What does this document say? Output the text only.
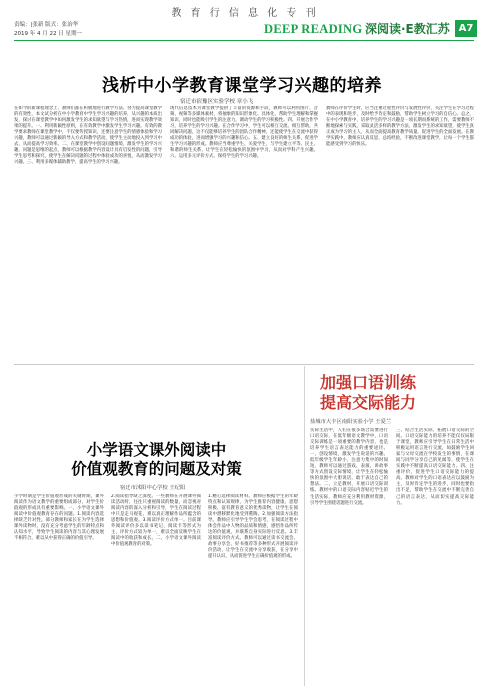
教 育 行 信 息 化 专 刊
责编：|张新 版式：张治华
2019 年 4 月 22 日 星期一	DEEP READING 深阅读·E教汇苏 A7
浅析中小学教育课堂学习兴趣的培养
宿迁市宿豫区实验学校 章小飞

在如今的新课程理念上，教师们都在积极地进行教学方法、努力提高课堂教学的有效性，本文试分析在中小学教育中学生学习兴趣的培养，从兴趣的本质出发，探讨在课堂教学中如何激发学生的求知欲望与学习热情，进而实现教学效果的提升。一、利用新颖性原则，在有效教学中激发学生学习兴趣。有效的教学要求教师在课堂教学中，不仅要传授知识，还要注意学生的情感体验和学习兴趣，教师可以通过新颖的导入方式和教学活动，使学生主动地投入到学习中去，从而提高学习效率。二、在课堂教学中创设问题情境，激发学生的学习兴趣。问题是思维的起点，教师可以根据教学内容设计具有启发性的问题，引导学生思考和探究，使学生在解决问题的过程中体验成功的喜悦，从而激发学习兴趣。三、利用多媒体辅助教学，提高学生的学习兴趣。

现代信息技术为课堂教学提供了丰富的资源和手段，教师可以利用图片、音频、视频等多媒体素材，将抽象的知识形象化、具体化，帮助学生理解和掌握知识，同时也能吸引学生的注意力，调动学生的学习积极性。四、开展合作学习，培养学生的学习兴趣。在合作学习中，学生可以相互交流、相互帮助，共同解决问题，这不仅能够培养学生的团队合作精神，还能使学生在交流中获得成功的体验，进而增强学习的兴趣和信心。五、建立良好的师生关系，促进学生学习兴趣的形成。教师应当尊重学生、关爱学生，与学生建立平等、民主、和谐的师生关系，让学生在轻松愉快的氛围中学习，从而对学科产生兴趣。六、运用多元评价方式，保持学生的学习兴趣。

教师在评价学生时，应当注重过程性评价与发展性评价，关注学生在学习过程中的表现和进步，及时给予肯定和鼓励，帮助学生树立学习的自信心。总之，在中小学教育中，培养学生的学习兴趣是一项长期而系统的工作，需要教师不断地探索与实践，采取灵活多样的教学方法，激发学生的求知欲望，使学生真正成为学习的主人，从而全面提高教育教学质量，促进学生的全面发展。在教学实践中，教师应认真反思，总结经验，不断改进课堂教学，让每一个学生都能感受到学习的快乐。

加强口语训练
提高交际能力
盐城市大丰区南阳实验小学 王爱兰

实际生活中，人们在很多场合需要进行口语交际，在低年级语文教学中，口语交际训练是一项重要的教学内容，也是培养学生语言表达能力的重要途径。一、创设情境，激发学生说话的兴趣。低年级学生年龄小，注意力集中的时间短，教师可以通过游戏、表演、讲故事等方式创设交际情境，让学生在轻松愉快的氛围中大胆说话，敢于表达自己的想法。二、立足教材，开展口语交际训练。教材中的口语交际内容贴近学生的生活实际，教师应充分利用教材资源，引导学生围绕话题进行交流。

三、结合生活实际，拓展口语交际的空间。口语交际能力的培养不能仅仅局限于课堂，教师应引导学生在日常生活中积极运用语言进行交流，如鼓励学生回家与父母交流在学校发生的事情，在课间与同学分享自己的见闻等，使学生在实践中不断提高口语交际能力。四、注重评价，促进学生口语交际能力的提高。教师对学生的口语表达应以鼓励为主，及时肯定学生的进步，同时也要指出不足，帮助学生在交流中不断完善自己的语言表达，从而切实提高交际能力。

小学语文课外阅读中
价值观教育的问题及对策
宿迁市沭阳中心学校 王纪阳

小学时期是学生价值观形成的关键时期，课外阅读作为语文教学的重要组成部分，对学生价值观的形成具有重要影响。一、小学语文课外阅读中价值观教育存在的问题。1.阅读内容选择缺乏针对性。部分教师和家长在为学生选择课外读物时，没有充分考虑学生的年龄特点和认知水平，导致学生阅读的内容与其心理发展不相符合，难以从中获得正确的价值引导。

2.阅读指导缺乏深度。一些教师在开展课外阅读活动时，往往只重视阅读的数量，而忽视对阅读内容的深入分析和引导，学生在阅读过程中只是走马观花，难以真正理解作品所蕴含的思想和价值观。3.阅读评价方式单一。目前课外阅读评价多以读书笔记、阅读卡等形式为主，评价方式较为单一，难以全面反映学生在阅读中的收获和成长。二、小学语文课外阅读中价值观教育的对策。

1.精心选择阅读材料。教师应根据学生的年龄特点和认知规律，为学生推荐内容健康、思想积极、富有教育意义的优秀读物，让学生在阅读中潜移默化地受到熏陶。2.加强阅读方法指导。教师应引导学生学会思考，在阅读过程中体会作品中人物的品质和情感，感悟作品所传达的价值观，并联系自身实际进行反思。3.丰富阅读评价方式。教师可以通过读书交流会、故事分享会、好书推荐等多种形式开展阅读评价活动，让学生在交流中分享收获，在分享中提升认识，从而促进学生正确价值观的形成。
